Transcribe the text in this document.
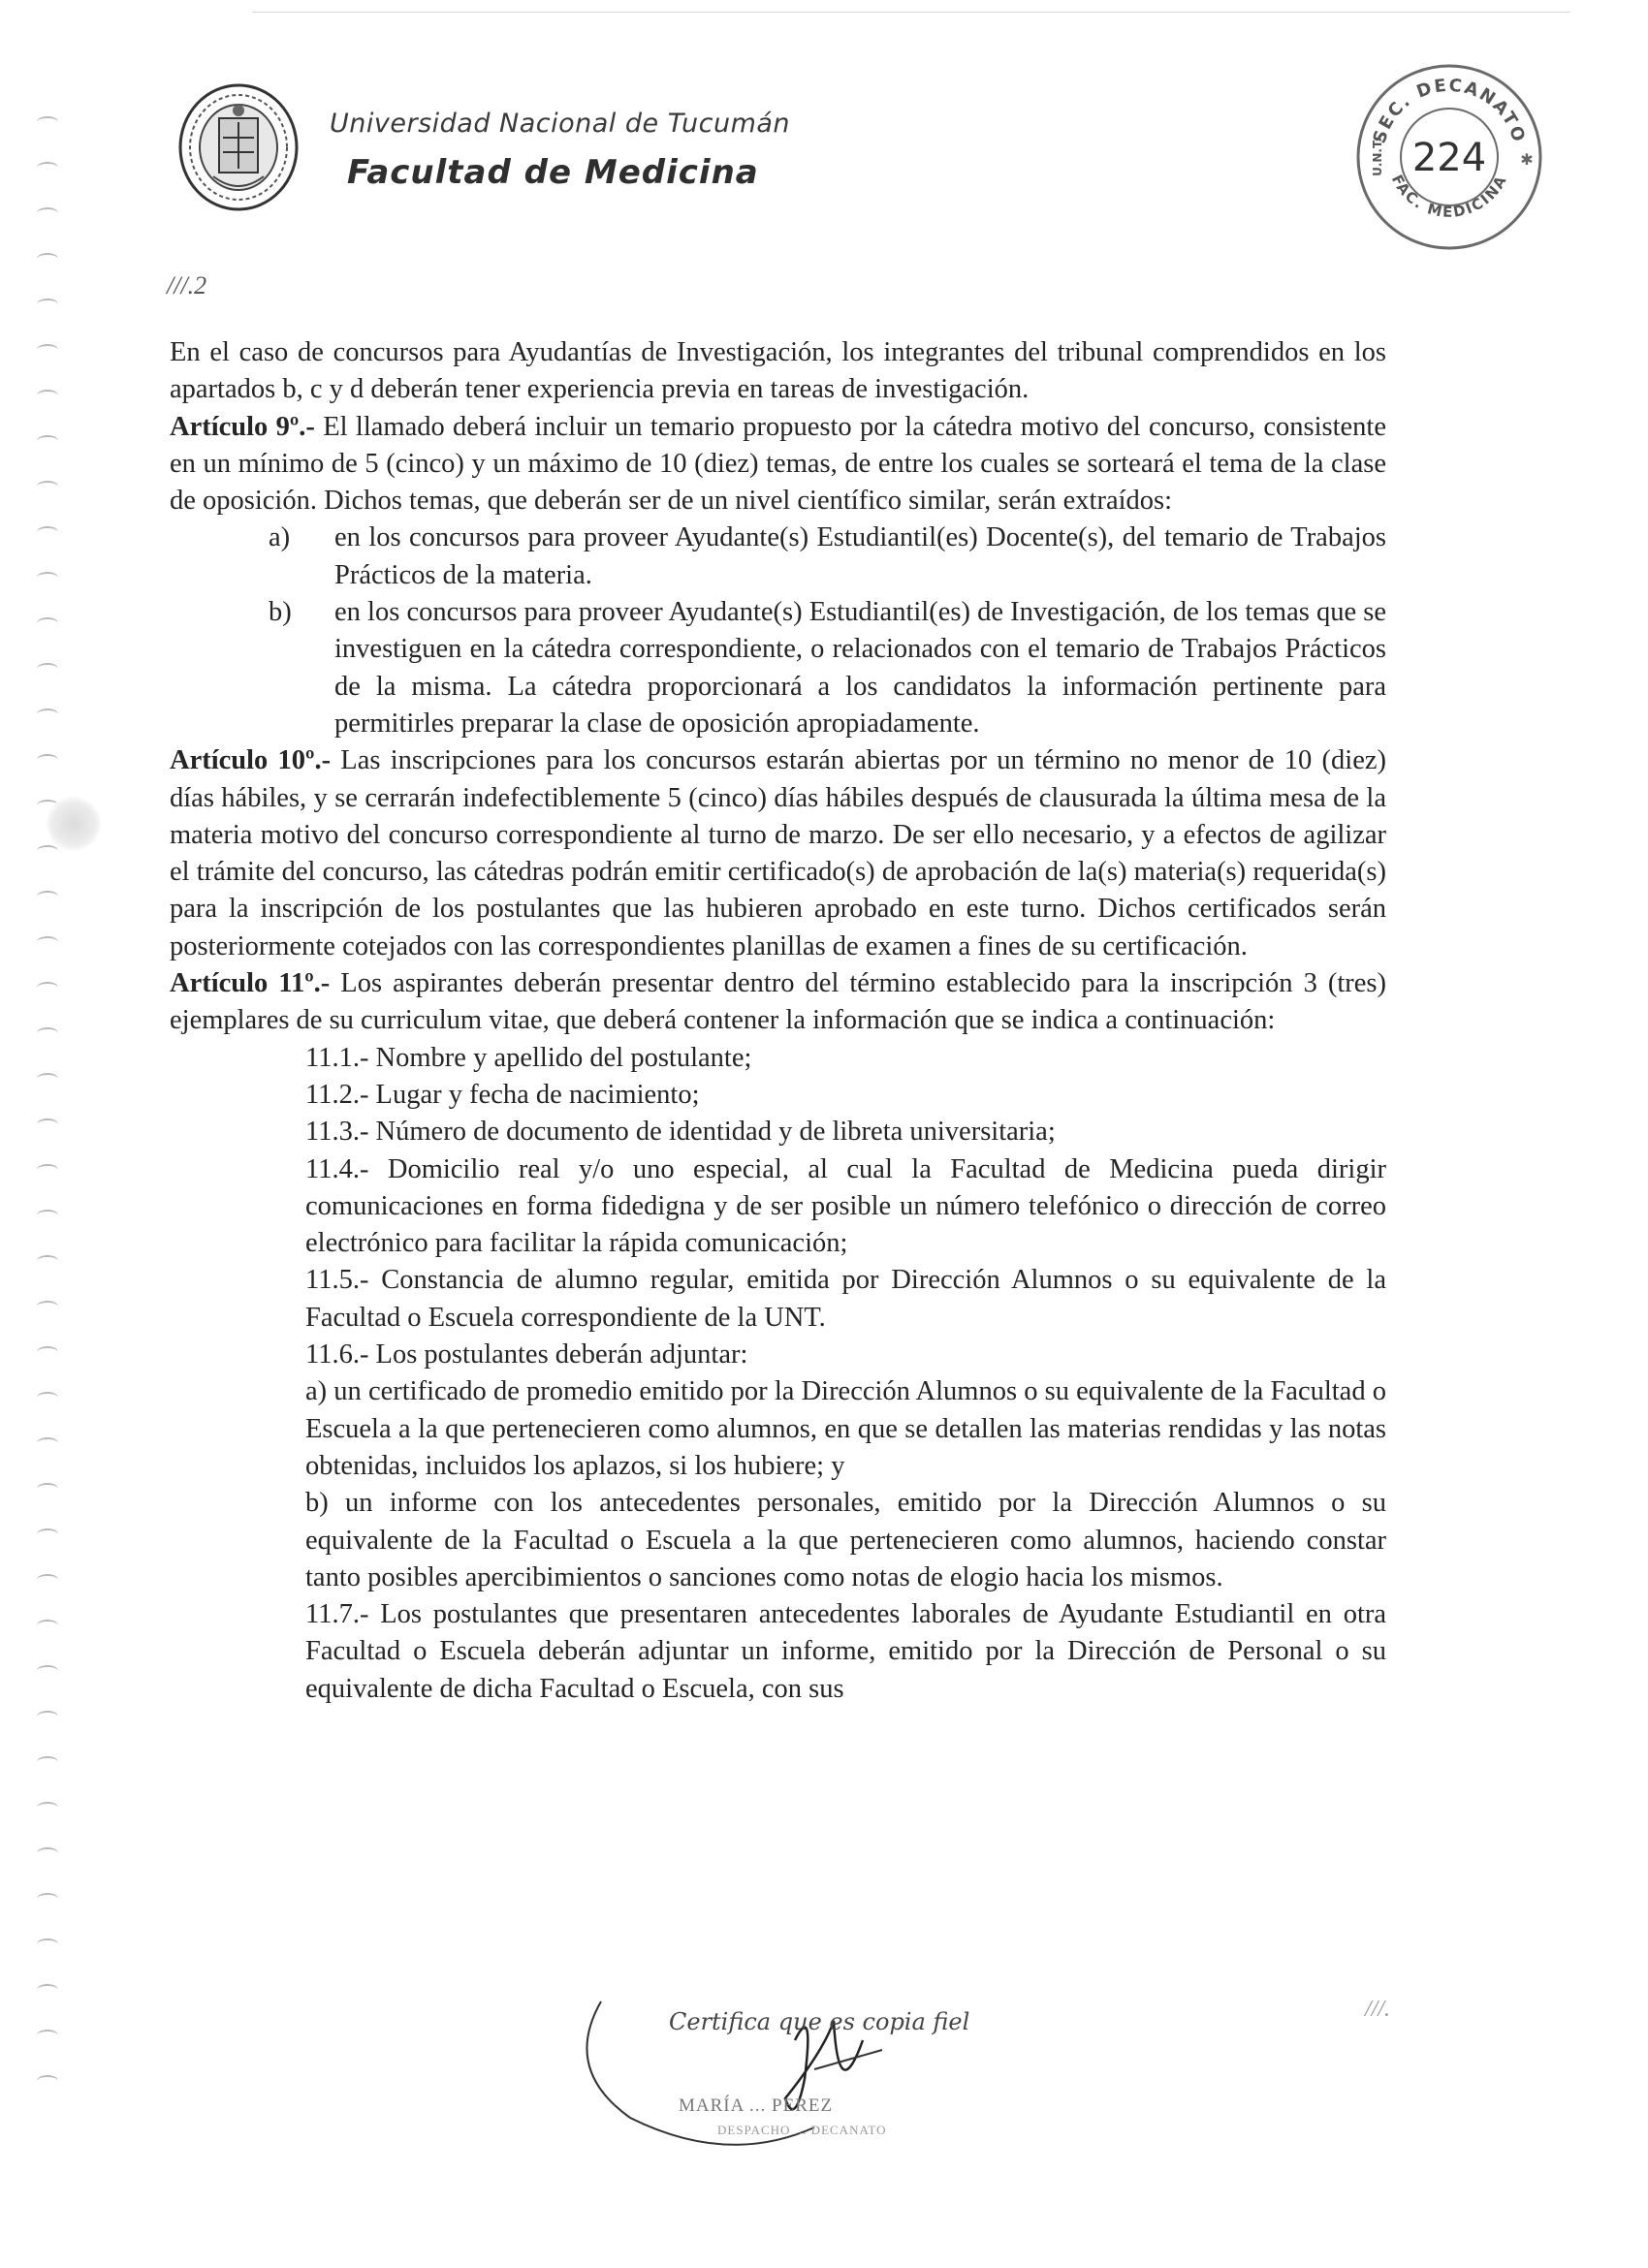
Universidad Nacional de Tucumán
Facultad de Medicina
SEC. DECANATO
FAC. MEDICINA
U.N.T. 224 ✱
///.2

En el caso de concursos para Ayudantías de Investigación, los integrantes del tribunal comprendidos en los apartados b, c y d deberán tener experiencia previa en tareas de investigación.

Artículo 9º.- El llamado deberá incluir un temario propuesto por la cátedra motivo del concurso, consistente en un mínimo de 5 (cinco) y un máximo de 10 (diez) temas, de entre los cuales se sorteará el tema de la clase de oposición. Dichos temas, que deberán ser de un nivel científico similar, serán extraídos:

a)	en los concursos para proveer Ayudante(s) Estudiantil(es) Docente(s), del temario de Trabajos Prácticos de la materia.
b)	en los concursos para proveer Ayudante(s) Estudiantil(es) de Investigación, de los temas que se investiguen en la cátedra correspondiente, o relacionados con el temario de Trabajos Prácticos de la misma. La cátedra proporcionará a los candidatos la información pertinente para permitirles preparar la clase de oposición apropiadamente.

Artículo 10º.- Las inscripciones para los concursos estarán abiertas por un término no menor de 10 (diez) días hábiles, y se cerrarán indefectiblemente 5 (cinco) días hábiles después de clausurada la última mesa de la materia motivo del concurso correspondiente al turno de marzo. De ser ello necesario, y a efectos de agilizar el trámite del concurso, las cátedras podrán emitir certificado(s) de aprobación de la(s) materia(s) requerida(s) para la inscripción de los postulantes que las hubieren aprobado en este turno. Dichos certificados serán posteriormente cotejados con las correspondientes planillas de examen a fines de su certificación.

Artículo 11º.- Los aspirantes deberán presentar dentro del término establecido para la inscripción 3 (tres) ejemplares de su curriculum vitae, que deberá contener la información que se indica a continuación:

11.1.- Nombre y apellido del postulante;

11.2.- Lugar y fecha de nacimiento;

11.3.- Número de documento de identidad y de libreta universitaria;

11.4.- Domicilio real y/o uno especial, al cual la Facultad de Medicina pueda dirigir comunicaciones en forma fidedigna y de ser posible un número telefónico o dirección de correo electrónico para facilitar la rápida comunicación;

11.5.- Constancia de alumno regular, emitida por Dirección Alumnos o su equivalente de la Facultad o Escuela correspondiente de la UNT.

11.6.- Los postulantes deberán adjuntar:

a) un certificado de promedio emitido por la Dirección Alumnos o su equivalente de la Facultad o Escuela a la que pertenecieren como alumnos, en que se detallen las materias rendidas y las notas obtenidas, incluidos los aplazos, si los hubiere; y

b) un informe con los antecedentes personales, emitido por la Dirección Alumnos o su equivalente de la Facultad o Escuela a la que pertenecieren como alumnos, haciendo constar tanto posibles apercibimientos o sanciones como notas de elogio hacia los mismos.

11.7.- Los postulantes que presentaren antecedentes laborales de Ayudante Estudiantil en otra Facultad o Escuela deberán adjuntar un informe, emitido por la Dirección de Personal o su equivalente de dicha Facultad o Escuela, con sus

///.
Certifica que es copia fiel
MARÍA ... PEREZ
DESPACHO ... DECANATO
